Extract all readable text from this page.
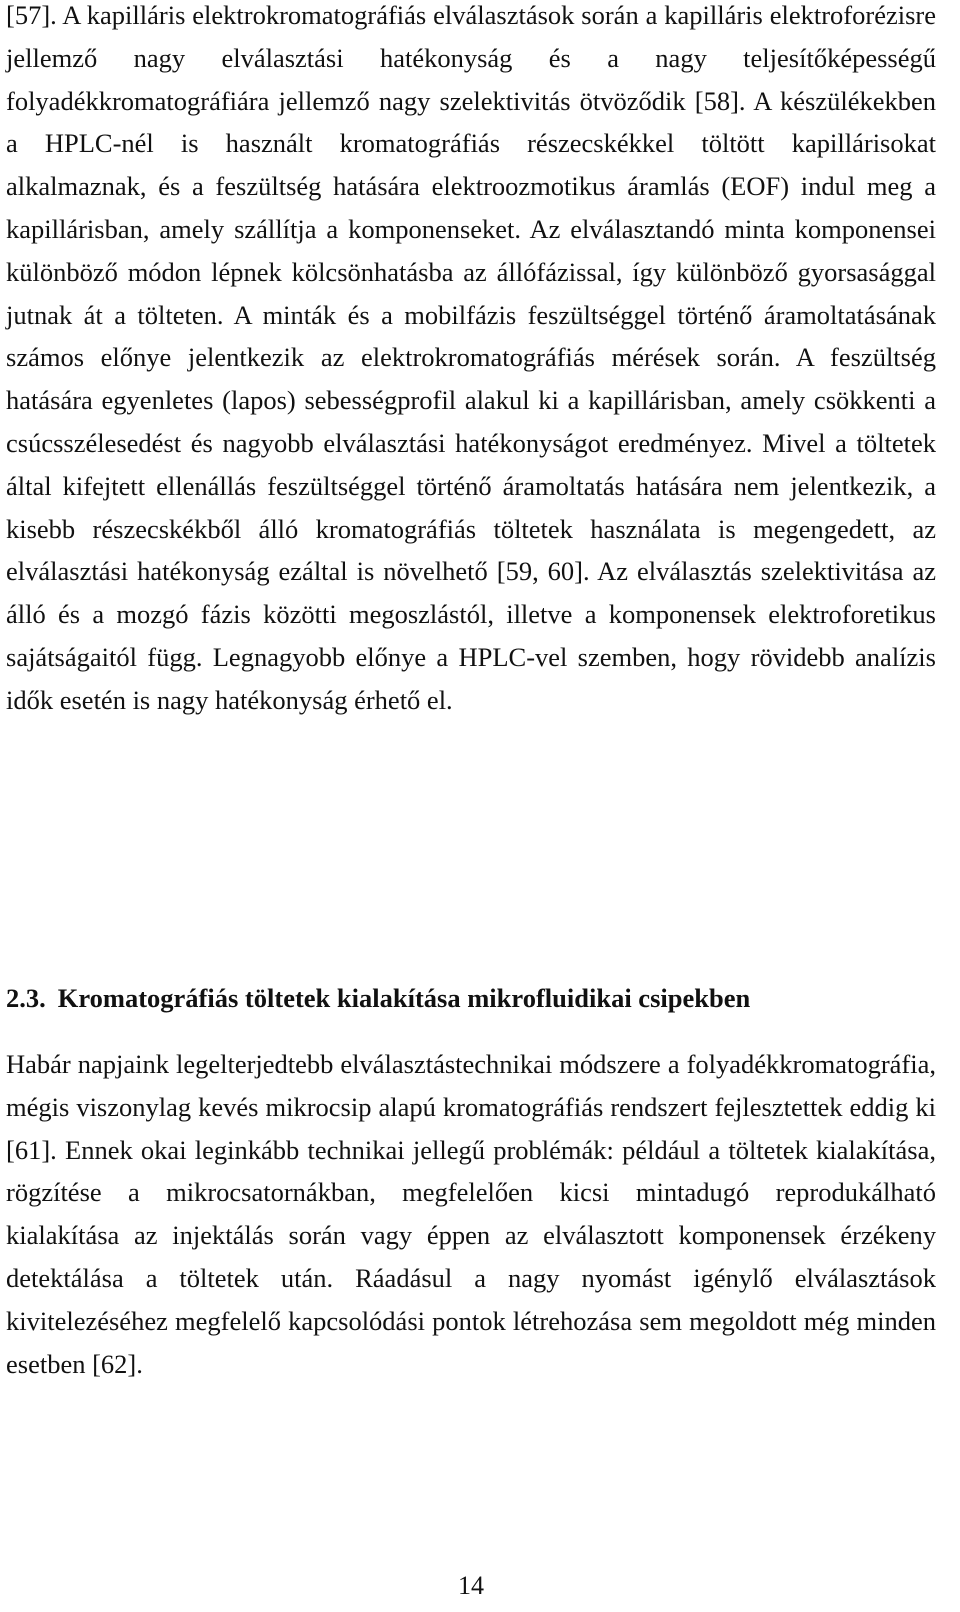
[57]. A kapilláris elektrokromatográfiás elválasztások során a kapilláris elektroforézisre jellemző nagy elválasztási hatékonyság és a nagy teljesítőképességű folyadékkromatográfiára jellemző nagy szelektivitás ötvöződik [58]. A készülékekben a HPLC-nél is használt kromatográfiás részecskékkel töltött kapillárisokat alkalmaznak, és a feszültség hatására elektroozmotikus áramlás (EOF) indul meg a kapillárisban, amely szállítja a komponenseket. Az elválasztandó minta komponensei különböző módon lépnek kölcsönhatásba az állófázissal, így különböző gyorsasággal jutnak át a tölteten. A minták és a mobilfázis feszültséggel történő áramoltatásának számos előnye jelentkezik az elektrokromatográfiás mérések során. A feszültség hatására egyenletes (lapos) sebességprofil alakul ki a kapillárisban, amely csökkenti a csúcsszélesedést és nagyobb elválasztási hatékonyságot eredményez. Mivel a töltetek által kifejtett ellenállás feszültséggel történő áramoltatás hatására nem jelentkezik, a kisebb részecskékből álló kromatográfiás töltetek használata is megengedett, az elválasztási hatékonyság ezáltal is növelhető [59, 60]. Az elválasztás szelektivitása az álló és a mozgó fázis közötti megoszlástól, illetve a komponensek elektroforetikus sajátságaitól függ. Legnagyobb előnye a HPLC-vel szemben, hogy rövidebb analízis idők esetén is nagy hatékonyság érhető el.

2.3. Kromatográfiás töltetek kialakítása mikrofluidikai csipekben

Habár napjaink legelterjedtebb elválasztástechnikai módszere a folyadékkromatográfia, mégis viszonylag kevés mikrocsip alapú kromatográfiás rendszert fejlesztettek eddig ki [61]. Ennek okai leginkább technikai jellegű problémák: például a töltetek kialakítása, rögzítése a mikrocsatornákban, megfelelően kicsi mintadugó reprodukálható kialakítása az injektálás során vagy éppen az elválasztott komponensek érzékeny detektálása a töltetek után. Ráadásul a nagy nyomást igénylő elválasztások kivitelezéséhez megfelelő kapcsolódási pontok létrehozása sem megoldott még minden esetben [62].

14
